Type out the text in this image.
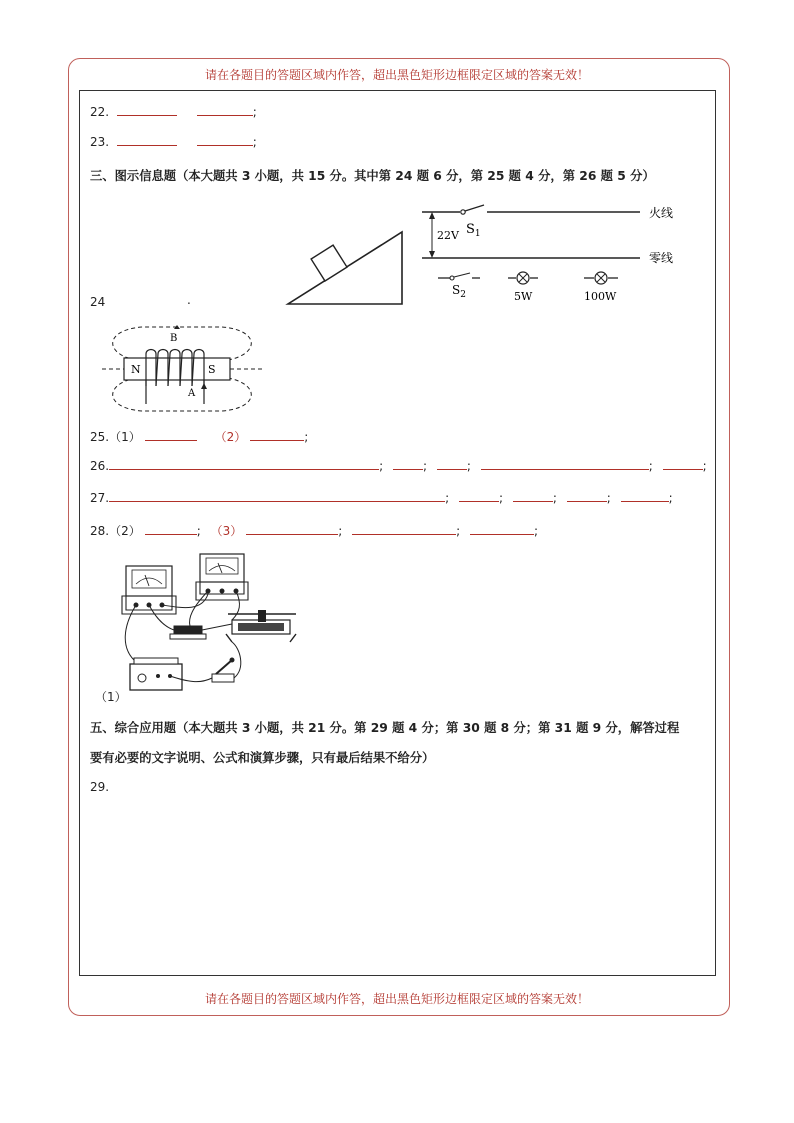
请在各题目的答题区域内作答，超出黑色矩形边框限定区域的答案无效！
请在各题目的答题区域内作答，超出黑色矩形边框限定区域的答案无效！
22.	;
23.	;
三、图示信息题（本大题共 3 小题，共 15 分。其中第 24 题 6 分，第 25 题 4 分，第 26 题 5 分）
24	.
火线
$S_1$
零线
22V
$S_2$	5W	100W
N	S
B
A
25.（1）	（2）	;
26.	;	;	;	;	;
27.	;	;	;	;	;
28.（2）	; （3）	;	;	;
（1）
五、综合应用题（本大题共 3 小题，共 21 分。第 29 题 4 分；第 30 题 8 分；第 31 题 9 分，解答过程
要有必要的文字说明、公式和演算步骤，只有最后结果不给分）
29.
